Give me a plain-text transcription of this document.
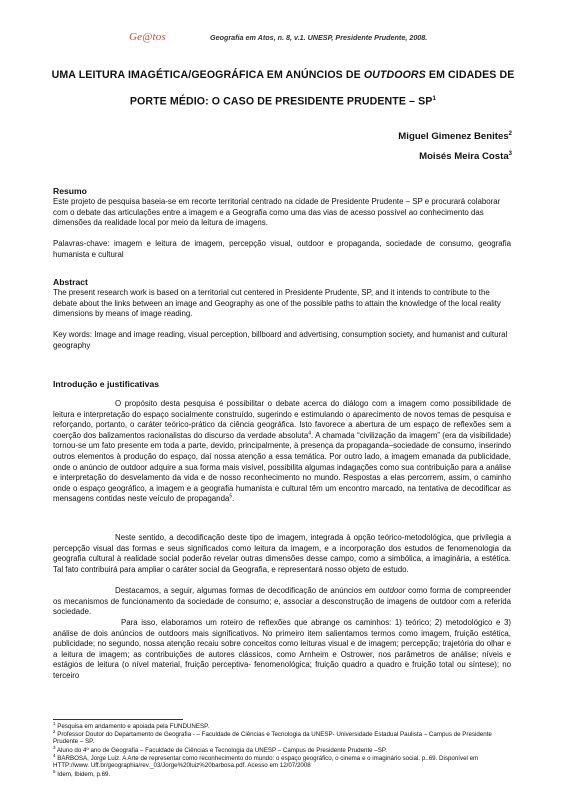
Ge@tos	Geografia em Atos, n. 8, v.1. UNESP, Presidente Prudente, 2008.
UMA LEITURA IMAGÉTICA/GEOGRÁFICA EM ANÚNCIOS DE OUTDOORS EM CIDADES DE PORTE MÉDIO: O CASO DE PRESIDENTE PRUDENTE – $SP^1$
Miguel Gimenez Benites$^2$
Moisés Meira Costa$^3$
Resumo
Este projeto de pesquisa baseia-se em recorte territorial centrado na cidade de Presidente Prudente – SP e procurará colaborar com o debate das articulações entre a imagem e a Geografia como uma das vias de acesso possível ao conhecimento das dimensões da realidade local por meio da leitura de imagens.
Palavras-chave: imagem e leitura de imagem, percepção visual, outdoor e propaganda, sociedade de consumo, geografia humanista e cultural
Abstract
The present research work is based on a territorial cut centered in Presidente Prudente, SP, and it intends to contribute to the debate about the links between an image and Geography as one of the possible paths to attain the knowledge of the local reality dimensions by means of image reading.
Key words: Image and image reading, visual perception, billboard and advertising, consumption society, and humanist and cultural geography
Introdução e justificativas
O propósito desta pesquisa é possibilitar o debate acerca do diálogo com a imagem como possibilidade de leitura e interpretação do espaço socialmente construído, sugerindo e estimulando o aparecimento de novos temas de pesquisa e reforçando, portanto, o caráter teórico-prático da ciência geográfica. Isto favorece a abertura de um espaço de reflexões sem a coerção dos balizamentos racionalistas do discurso da verdade absoluta$^4$. A chamada “civilização da imagem” (era da visibilidade) tornou-se um fato presente em toda a parte, devido, principalmente, à presença da propaganda–sociedade de consumo, inserindo outros elementos à produção do espaço, daí nossa atenção a essa temática. Por outro lado, a imagem emanada da publicidade, onde o anúncio de outdoor adquire a sua forma mais visível, possibilita algumas indagações como sua contribuição para a análise e interpretação do desvelamento da vida e de nosso reconhecimento no mundo. Respostas a elas percorrem, assim, o caminho onde o espaço geográfico, a imagem e a geografia humanista e cultural têm um encontro marcado, na tentativa de decodificar as mensagens contidas neste veículo de propaganda$^5$.
Neste sentido, a decodificação deste tipo de imagem, integrada à opção teórico-metodológica, que privilegia a percepção visual das formas e seus significados como leitura da imagem, e a incorporação dos estudos de fenomenologia da geografia cultural à realidade social poderão revelar outras dimensões desse campo, como a simbólica, a imaginária, a estética. Tal fato contribuirá para ampliar o caráter social da Geografia, e representará nosso objeto de estudo.
Destacamos, a seguir, algumas formas de decodificação de anúncios em outdoor como forma de compreender os mecanismos de funcionamento da sociedade de consumo; e, associar a desconstrução de imagens de outdoor com a referida sociedade.
Para isso, elaboramos um roteiro de reflexões que abrange os caminhos: 1) teórico; 2) metodológico e 3) análise de dois anúncios de outdoors mais significativos. No primeiro item salientamos termos como imagem, fruição estética, publicidade; no segundo, nossa atenção recaiu sobre conceitos como leituras visual e de imagem; percepção; trajetória do olhar e a leitura de imagem; as contribuições de autores clássicos, como Arnheim e Ostrower, nos parâmetros de análise; níveis e estágios de leitura (o nível material, fruição perceptiva- fenomenológica; fruição quadro a quadro e fruição total ou síntese); no terceiro
$^1$ Pesquisa em andamento e apoiada pela FUNDUNESP.
$^2$ Professor Doutor do Departamento de Geografia - – Faculdade de Ciências e Tecnologia da UNESP- Universidade Estadual Paulista – Campus de Presidente Prudente – SP.
$^3$ Aluno do 4º ano de Geografia – Faculdade de Ciências e Tecnologia da UNESP – Campus de Presidente Prudente –SP.
$^4$ BARBOSA, Jorge Luiz. A Arte de representar como reconhecimento do mundo: o espaço geográfico, o cinema e o imaginário social. p..69. Disponível em HTTP://www. Uff.br/geographia/rev._03/Jorge%20luiz%20barbosa.pdf. Acesso em 12/07/2008
$^5$ Idem, Ibidem, p.69.
